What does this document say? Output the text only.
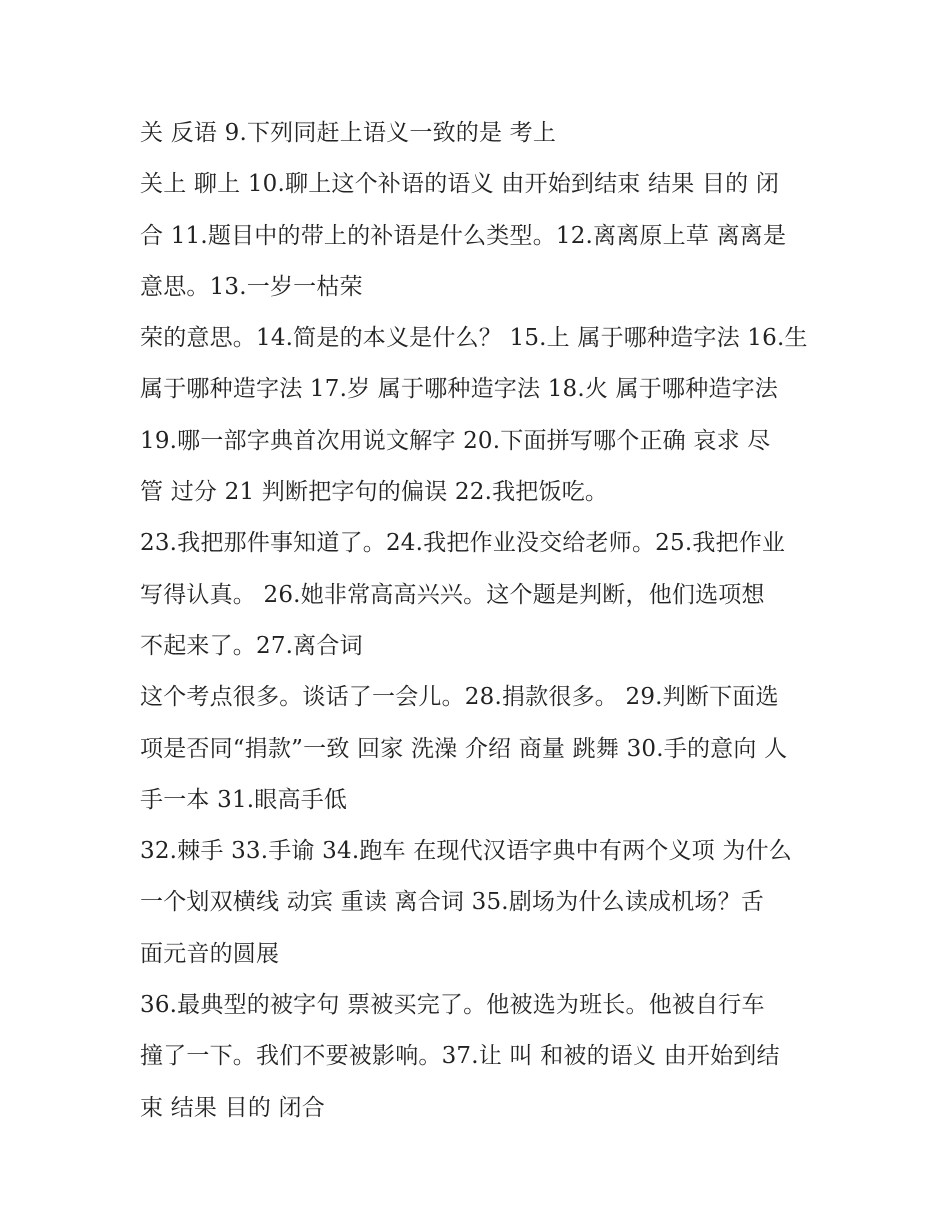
关 反语 9.下列同赶上语义一致的是 考上
关上 聊上 10.聊上这个补语的语义 由开始到结束 结果 目的 闭
合 11.题目中的带上的补语是什么类型。12.离离原上草 离离是
意思。13.一岁一枯荣
荣的意思。14.简是的本义是什么？ 15.上 属于哪种造字法 16.生
属于哪种造字法 17.岁 属于哪种造字法 18.火 属于哪种造字法
19.哪一部字典首次用说文解字 20.下面拼写哪个正确 哀求 尽
管 过分 21 判断把字句的偏误 22.我把饭吃。
23.我把那件事知道了。24.我把作业没交给老师。25.我把作业
写得认真。 26.她非常高高兴兴。这个题是判断，他们选项想
不起来了。27.离合词
这个考点很多。谈话了一会儿。28.捐款很多。 29.判断下面选
项是否同“捐款”一致 回家 洗澡 介绍 商量 跳舞 30.手的意向 人
手一本 31.眼高手低
32.棘手 33.手谕 34.跑车 在现代汉语字典中有两个义项 为什么
一个划双横线 动宾 重读 离合词 35.剧场为什么读成机场？舌
面元音的圆展
36.最典型的被字句 票被买完了。他被选为班长。他被自行车
撞了一下。我们不要被影响。37.让 叫 和被的语义 由开始到结
束 结果 目的 闭合
